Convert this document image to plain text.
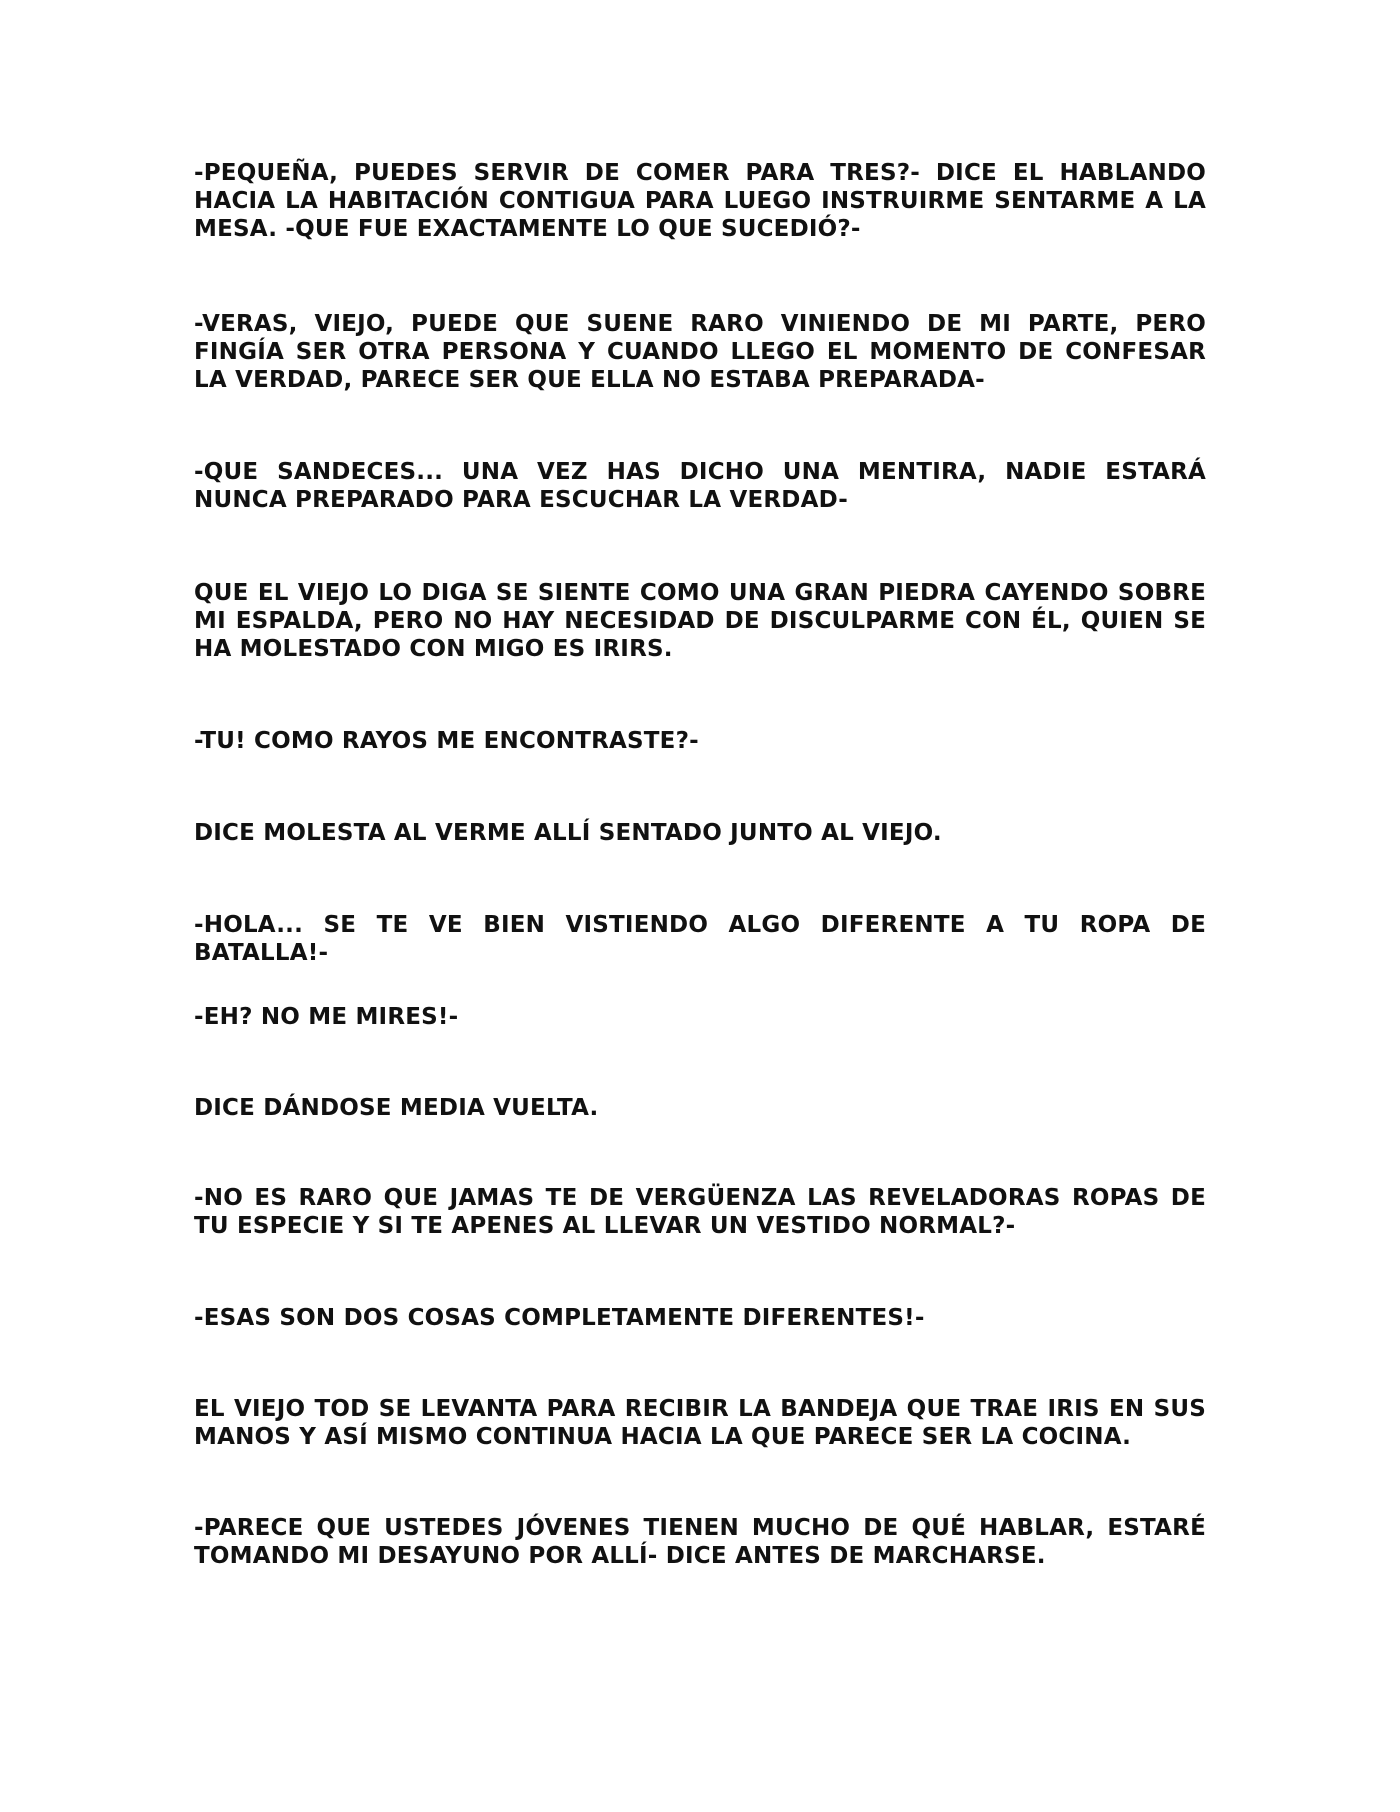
-PEQUEÑA, PUEDES SERVIR DE COMER PARA TRES?- DICE EL HABLANDO HACIA LA HABITACIÓN CONTIGUA PARA LUEGO INSTRUIRME SENTARME A LA MESA. -QUE FUE EXACTAMENTE LO QUE SUCEDIÓ?-

-VERAS, VIEJO, PUEDE QUE SUENE RARO VINIENDO DE MI PARTE, PERO FINGÍA SER OTRA PERSONA Y CUANDO LLEGO EL MOMENTO DE CONFESAR LA VERDAD, PARECE SER QUE ELLA NO ESTABA PREPARADA-

-QUE SANDECES... UNA VEZ HAS DICHO UNA MENTIRA, NADIE ESTARÁ NUNCA PREPARADO PARA ESCUCHAR LA VERDAD-

QUE EL VIEJO LO DIGA SE SIENTE COMO UNA GRAN PIEDRA CAYENDO SOBRE MI ESPALDA, PERO NO HAY NECESIDAD DE DISCULPARME CON ÉL, QUIEN SE HA MOLESTADO CON MIGO ES IRIRS.

-TU! COMO RAYOS ME ENCONTRASTE?-

DICE MOLESTA AL VERME ALLÍ SENTADO JUNTO AL VIEJO.

-HOLA... SE TE VE BIEN VISTIENDO ALGO DIFERENTE A TU ROPA DE BATALLA!-

-EH? NO ME MIRES!-

DICE DÁNDOSE MEDIA VUELTA.

-NO ES RARO QUE JAMAS TE DE VERGÜENZA LAS REVELADORAS ROPAS DE TU ESPECIE Y SI TE APENES AL LLEVAR UN VESTIDO NORMAL?-

-ESAS SON DOS COSAS COMPLETAMENTE DIFERENTES!-

EL VIEJO TOD SE LEVANTA PARA RECIBIR LA BANDEJA QUE TRAE IRIS EN SUS MANOS Y ASÍ MISMO CONTINUA HACIA LA QUE PARECE SER LA COCINA.

-PARECE QUE USTEDES JÓVENES TIENEN MUCHO DE QUÉ HABLAR, ESTARÉ TOMANDO MI DESAYUNO POR ALLÍ- DICE ANTES DE MARCHARSE.
